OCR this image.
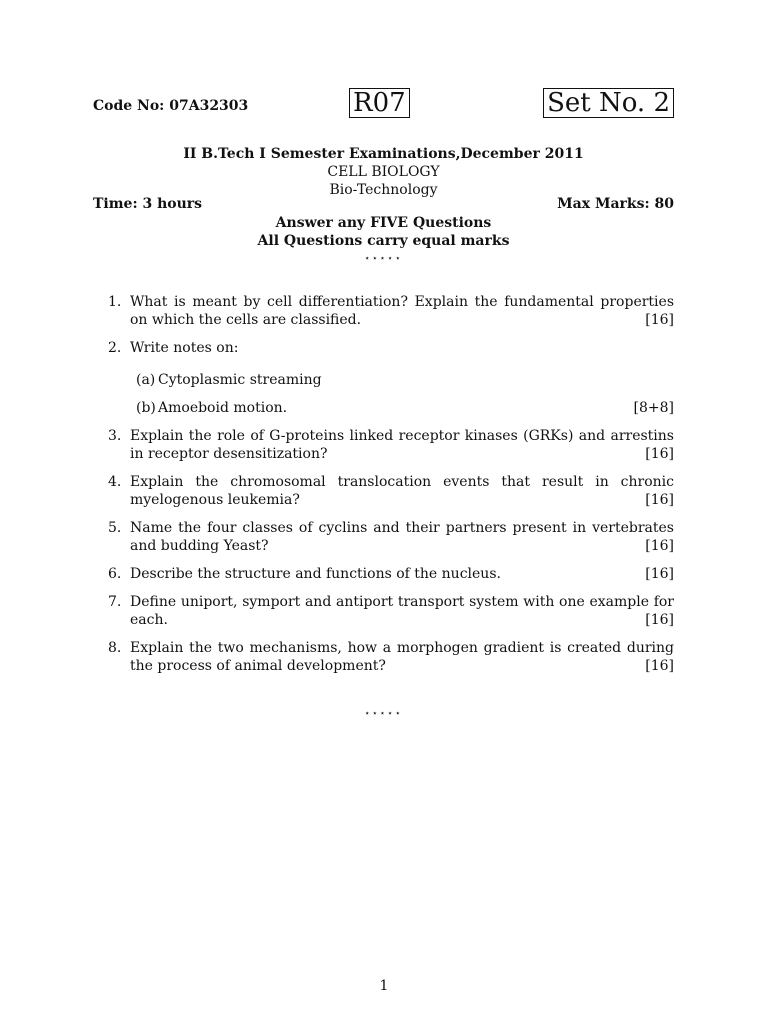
Code No: 07A32303	R07	Set No. 2
II B.Tech I Semester Examinations,December 2011
CELL BIOLOGY
Bio-Technology
Time: 3 hours	Max Marks: 80
Answer any FIVE Questions
All Questions carry equal marks
⋆⋆⋆⋆⋆
1. What is meant by cell differentiation? Explain the fundamental properties on which the cells are classified.	[16]
2. Write notes on:
(a) Cytoplasmic streaming
(b) Amoeboid motion.	[8+8]
3. Explain the role of G-proteins linked receptor kinases (GRKs) and arrestins in receptor desensitization?	[16]
4. Explain the chromosomal translocation events that result in chronic myelogenous leukemia?	[16]
5. Name the four classes of cyclins and their partners present in vertebrates and budding Yeast?	[16]
6. Describe the structure and functions of the nucleus.	[16]
7. Define uniport, symport and antiport transport system with one example for each.	[16]
8. Explain the two mechanisms, how a morphogen gradient is created during the process of animal development?	[16]
⋆⋆⋆⋆⋆
1
